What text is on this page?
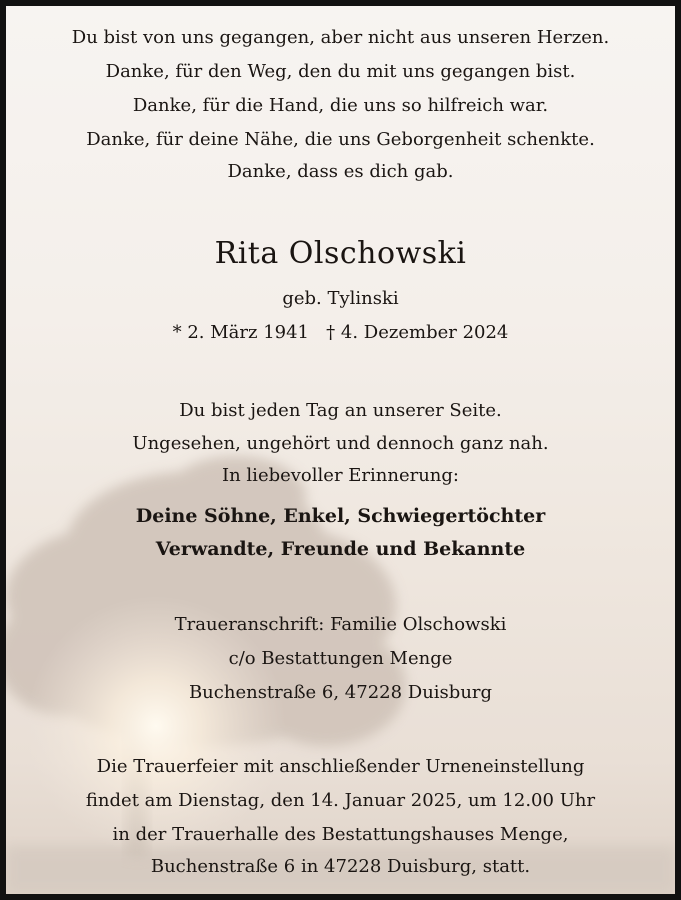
Du bist von uns gegangen, aber nicht aus unseren Herzen.
Danke, für den Weg, den du mit uns gegangen bist.
Danke, für die Hand, die uns so hilfreich war.
Danke, für deine Nähe, die uns Geborgenheit schenkte.
Danke, dass es dich gab.
Rita Olschowski
geb. Tylinski
* 2. März 1941   † 4. Dezember 2024
Du bist jeden Tag an unserer Seite.
Ungesehen, ungehört und dennoch ganz nah.
In liebevoller Erinnerung:
Deine Söhne, Enkel, Schwiegertöchter
Verwandte, Freunde und Bekannte
Traueranschrift: Familie Olschowski
c/o Bestattungen Menge
Buchenstraße 6, 47228 Duisburg
Die Trauerfeier mit anschließender Urneneinstellung
findet am Dienstag, den 14. Januar 2025, um 12.00 Uhr
in der Trauerhalle des Bestattungshauses Menge,
Buchenstraße 6 in 47228 Duisburg, statt.
